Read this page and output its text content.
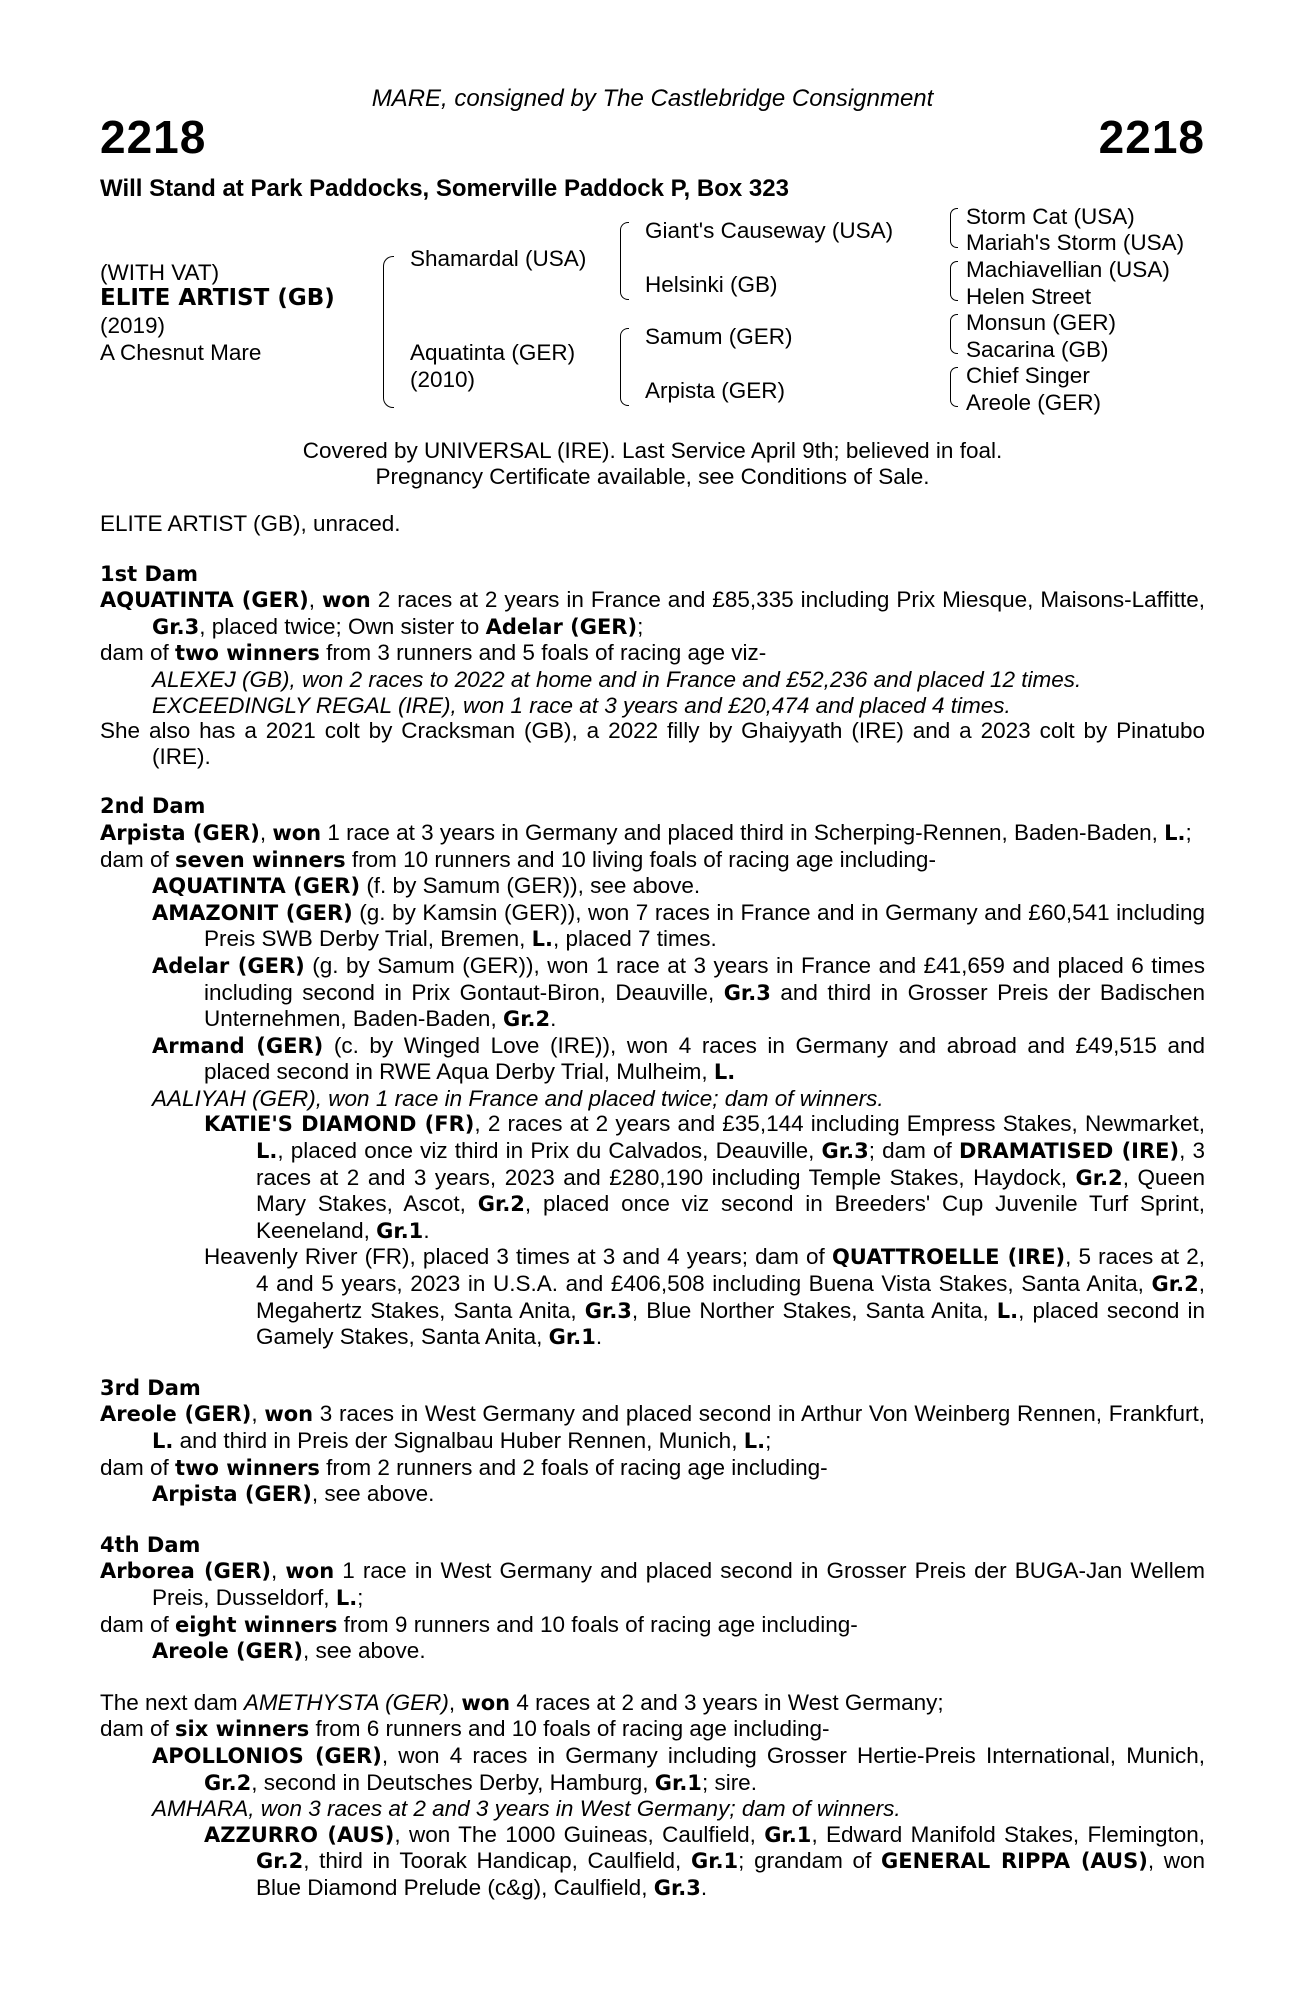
MARE, consigned by The Castlebridge Consignment
2218	2218
Will Stand at Park Paddocks, Somerville Paddock P, Box 323
(WITH VAT)
ELITE ARTIST (GB)
(2019)
A Chesnut Mare
Shamardal (USA)
Aquatinta (GER)
(2010)
Giant's Causeway (USA)
Helsinki (GB)
Samum (GER)
Arpista (GER)
Storm Cat (USA)
Mariah's Storm (USA)
Machiavellian (USA)
Helen Street
Monsun (GER)
Sacarina (GB)
Chief Singer
Areole (GER)
Covered by UNIVERSAL (IRE). Last Service April 9th; believed in foal.
Pregnancy Certificate available, see Conditions of Sale.

ELITE ARTIST (GB), unraced.

1st Dam

AQUATINTA (GER), won 2 races at 2 years in France and £85,335 including Prix Miesque, Maisons-Laffitte, Gr.3, placed twice; Own sister to Adelar (GER);

dam of two winners from 3 runners and 5 foals of racing age viz-

ALEXEJ (GB), won 2 races to 2022 at home and in France and £52,236 and placed 12 times.

EXCEEDINGLY REGAL (IRE), won 1 race at 3 years and £20,474 and placed 4 times.

She also has a 2021 colt by Cracksman (GB), a 2022 filly by Ghaiyyath (IRE) and a 2023 colt by Pinatubo (IRE).

2nd Dam

Arpista (GER), won 1 race at 3 years in Germany and placed third in Scherping-Rennen, Baden-Baden, L.;

dam of seven winners from 10 runners and 10 living foals of racing age including-

AQUATINTA (GER) (f. by Samum (GER)), see above.

AMAZONIT (GER) (g. by Kamsin (GER)), won 7 races in France and in Germany and £60,541 including Preis SWB Derby Trial, Bremen, L., placed 7 times.

Adelar (GER) (g. by Samum (GER)), won 1 race at 3 years in France and £41,659 and placed 6 times including second in Prix Gontaut-Biron, Deauville, Gr.3 and third in Grosser Preis der Badischen Unternehmen, Baden-Baden, Gr.2.

Armand (GER) (c. by Winged Love (IRE)), won 4 races in Germany and abroad and £49,515 and placed second in RWE Aqua Derby Trial, Mulheim, L.

AALIYAH (GER), won 1 race in France and placed twice; dam of winners.

KATIE'S DIAMOND (FR), 2 races at 2 years and £35,144 including Empress Stakes, Newmarket, L., placed once viz third in Prix du Calvados, Deauville, Gr.3; dam of DRAMATISED (IRE), 3 races at 2 and 3 years, 2023 and £280,190 including Temple Stakes, Haydock, Gr.2, Queen Mary Stakes, Ascot, Gr.2, placed once viz second in Breeders' Cup Juvenile Turf Sprint, Keeneland, Gr.1.

Heavenly River (FR), placed 3 times at 3 and 4 years; dam of QUATTROELLE (IRE), 5 races at 2, 4 and 5 years, 2023 in U.S.A. and £406,508 including Buena Vista Stakes, Santa Anita, Gr.2, Megahertz Stakes, Santa Anita, Gr.3, Blue Norther Stakes, Santa Anita, L., placed second in Gamely Stakes, Santa Anita, Gr.1.

3rd Dam

Areole (GER), won 3 races in West Germany and placed second in Arthur Von Weinberg Rennen, Frankfurt, L. and third in Preis der Signalbau Huber Rennen, Munich, L.;

dam of two winners from 2 runners and 2 foals of racing age including-

Arpista (GER), see above.

4th Dam

Arborea (GER), won 1 race in West Germany and placed second in Grosser Preis der BUGA-Jan Wellem Preis, Dusseldorf, L.;

dam of eight winners from 9 runners and 10 foals of racing age including-

Areole (GER), see above.

The next dam AMETHYSTA (GER), won 4 races at 2 and 3 years in West Germany;

dam of six winners from 6 runners and 10 foals of racing age including-

APOLLONIOS (GER), won 4 races in Germany including Grosser Hertie-Preis International, Munich, Gr.2, second in Deutsches Derby, Hamburg, Gr.1; sire.

AMHARA, won 3 races at 2 and 3 years in West Germany; dam of winners.

AZZURRO (AUS), won The 1000 Guineas, Caulfield, Gr.1, Edward Manifold Stakes, Flemington, Gr.2, third in Toorak Handicap, Caulfield, Gr.1; grandam of GENERAL RIPPA (AUS), won Blue Diamond Prelude (c&g), Caulfield, Gr.3.
